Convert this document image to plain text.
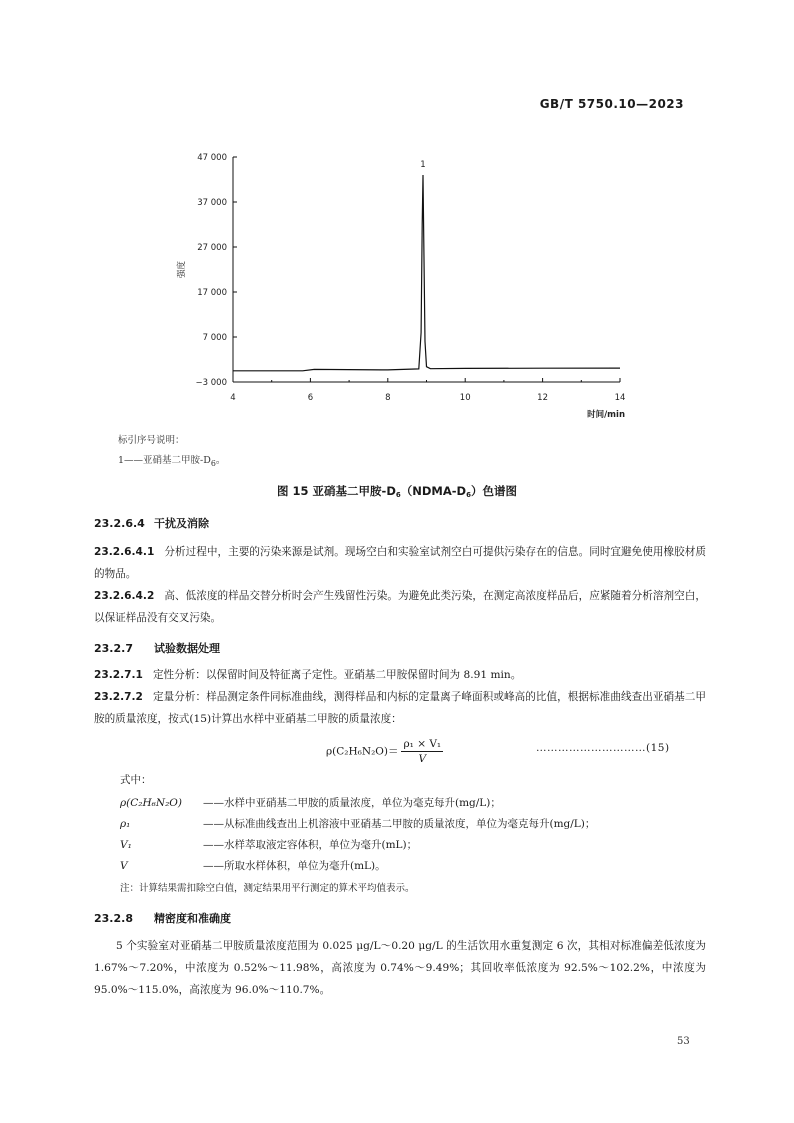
GB/T 5750.10—2023
47 000
37 000
27 000
17 000
7 000
−3 000
4	6	8	10	12	14
1
强度
时间/min
标引序号说明：
1——亚硝基二甲胺$-D_6$。
图 15 亚硝基二甲胺$-D_6(NDMA-D_6)$色谱图
23.2.6.4 干扰及消除
23.2.6.4.1 分析过程中，主要的污染来源是试剂。现场空白和实验室试剂空白可提供污染存在的信息。同时宜避免使用橡胶材质的物品。
23.2.6.4.2 高、低浓度的样品交替分析时会产生残留性污染。为避免此类污染，在测定高浓度样品后，应紧随着分析溶剂空白，以保证样品没有交叉污染。
23.2.7 试验数据处理
23.2.7.1 定性分析：以保留时间及特征离子定性。亚硝基二甲胺保留时间为 8.91 min。
23.2.7.2 定量分析：样品测定条件同标准曲线，测得样品和内标的定量离子峰面积或峰高的比值，根据标准曲线查出亚硝基二甲胺的质量浓度，按式(15)计算出水样中亚硝基二甲胺的质量浓度：
$\rho(C_2H_6N_2O)= \frac{\text{ρ₁ × V₁}}{V}$	…………………………(15)
式中：
ρ(C₂H₆N₂O) ——水样中亚硝基二甲胺的质量浓度，单位为毫克每升(mg/L)；
ρ₁	——从标准曲线查出上机溶液中亚硝基二甲胺的质量浓度，单位为毫克每升(mg/L)；
V₁	——水样萃取液定容体积，单位为毫升(mL)；
V	——所取水样体积，单位为毫升(mL)。
注：计算结果需扣除空白值，测定结果用平行测定的算术平均值表示。
23.2.8 精密度和准确度
5 个实验室对亚硝基二甲胺质量浓度范围为 0.025 μg/L～0.20 μg/L 的生活饮用水重复测定 6 次，其相对标准偏差低浓度为 1.67%～7.20%，中浓度为 0.52%～11.98%，高浓度为 0.74%～9.49%；其回收率低浓度为 92.5%～102.2%，中浓度为 95.0%～115.0%，高浓度为 96.0%～110.7%。
53
